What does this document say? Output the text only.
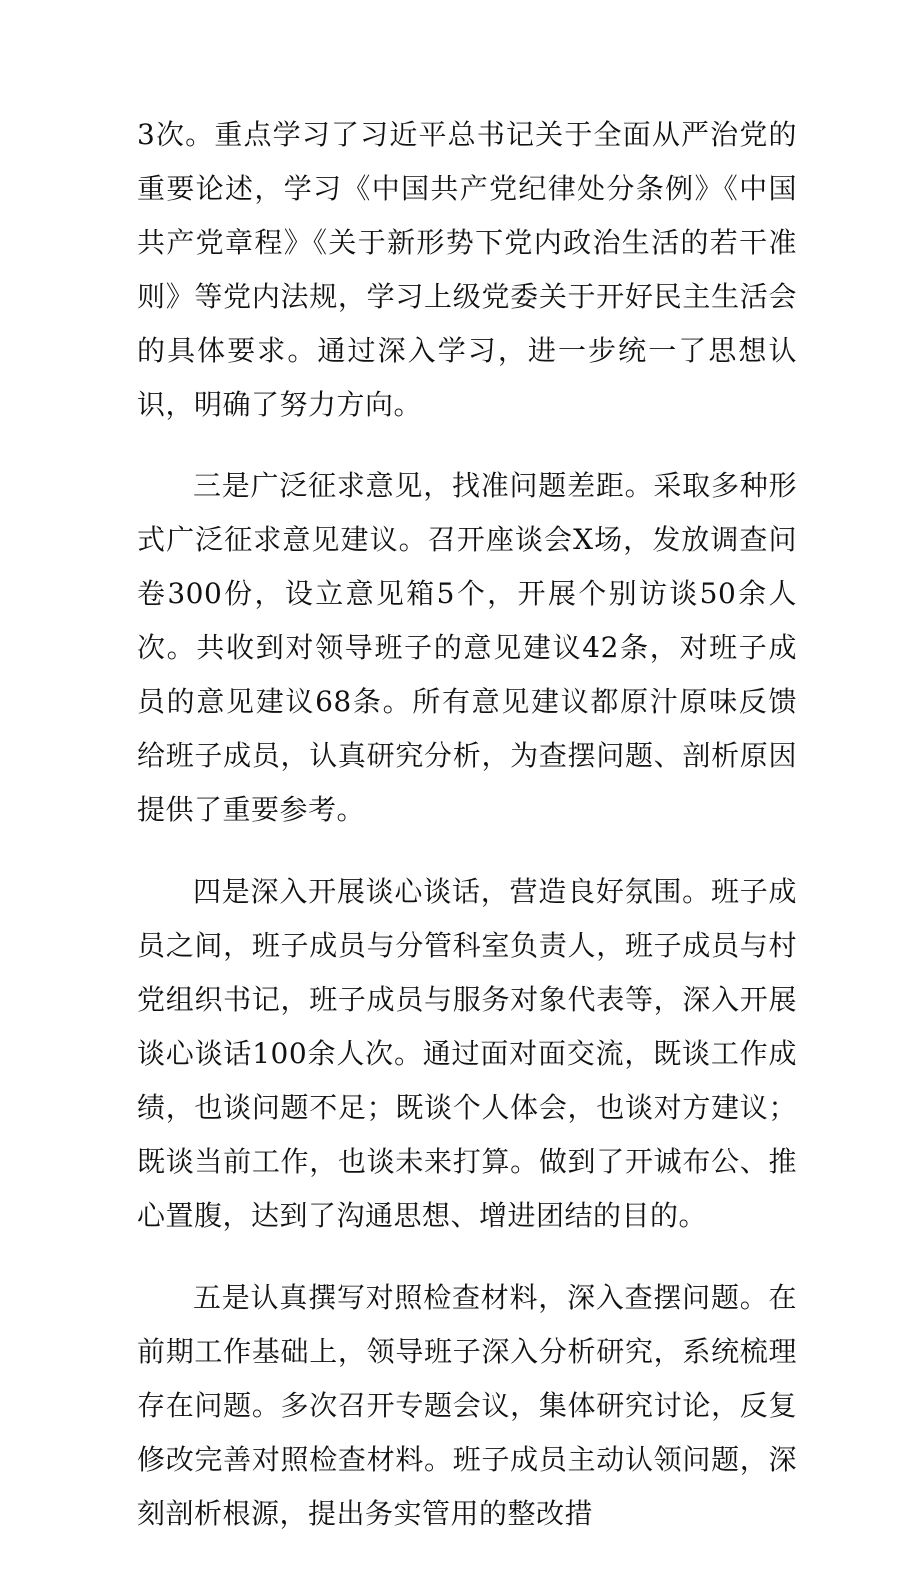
3次。重点学习了习近平总书记关于全面从严治党的重要论述，学习《中国共产党纪律处分条例》《中国共产党章程》《关于新形势下党内政治生活的若干准则》等党内法规，学习上级党委关于开好民主生活会的具体要求。通过深入学习，进一步统一了思想认识，明确了努力方向。

三是广泛征求意见，找准问题差距。采取多种形式广泛征求意见建议。召开座谈会X场，发放调查问卷300份，设立意见箱5个，开展个别访谈50余人次。共收到对领导班子的意见建议42条，对班子成员的意见建议68条。所有意见建议都原汁原味反馈给班子成员，认真研究分析，为查摆问题、剖析原因提供了重要参考。

四是深入开展谈心谈话，营造良好氛围。班子成员之间，班子成员与分管科室负责人，班子成员与村党组织书记，班子成员与服务对象代表等，深入开展谈心谈话100余人次。通过面对面交流，既谈工作成绩，也谈问题不足；既谈个人体会，也谈对方建议；既谈当前工作，也谈未来打算。做到了开诚布公、推心置腹，达到了沟通思想、增进团结的目的。

五是认真撰写对照检查材料，深入查摆问题。在前期工作基础上，领导班子深入分析研究，系统梳理存在问题。多次召开专题会议，集体研究讨论，反复修改完善对照检查材料。班子成员主动认领问题，深刻剖析根源，提出务实管用的整改措
